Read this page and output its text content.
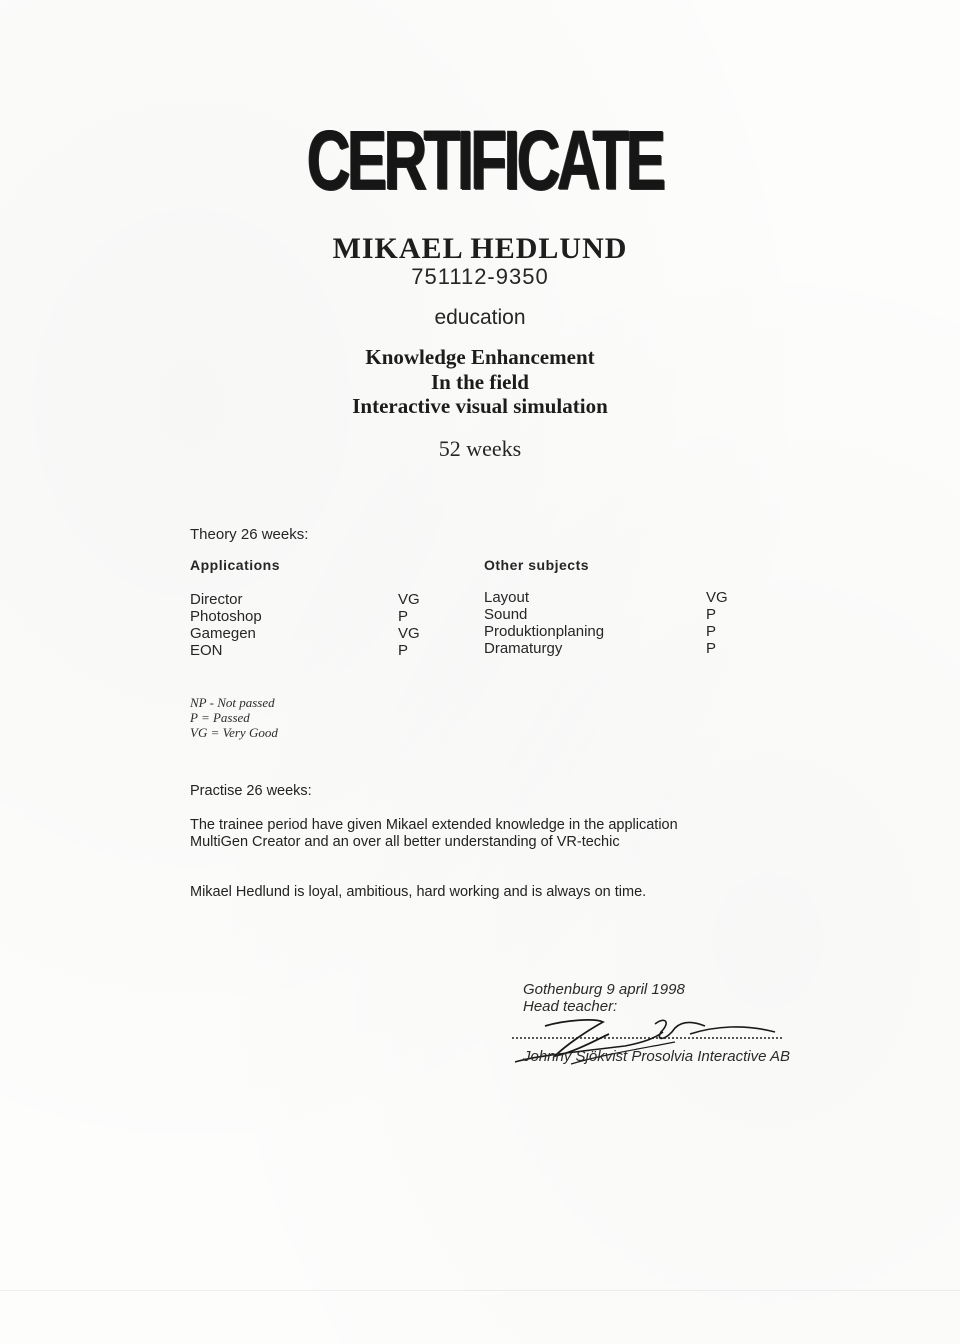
CERTIFICATE
MIKAEL HEDLUND
751112-9350
education
Knowledge Enhancement
In the field
Interactive visual simulation
52 weeks
Theory 26 weeks:
Applications	Other subjects
Director	VG
Photoshop	P
Gamegen	VG
EON	P
Layout	VG
Sound	P
Produktionplaning	P
Dramaturgy	P
NP - Not passed
P = Passed
VG = Very Good
Practise 26 weeks:
The trainee period have given Mikael extended knowledge in the application
MultiGen Creator and an over all better understanding of VR-techic
Mikael Hedlund is loyal, ambitious, hard working and is always on time.
Gothenburg 9 april 1998
Head teacher:
Johnny Sjökvist Prosolvia Interactive AB
